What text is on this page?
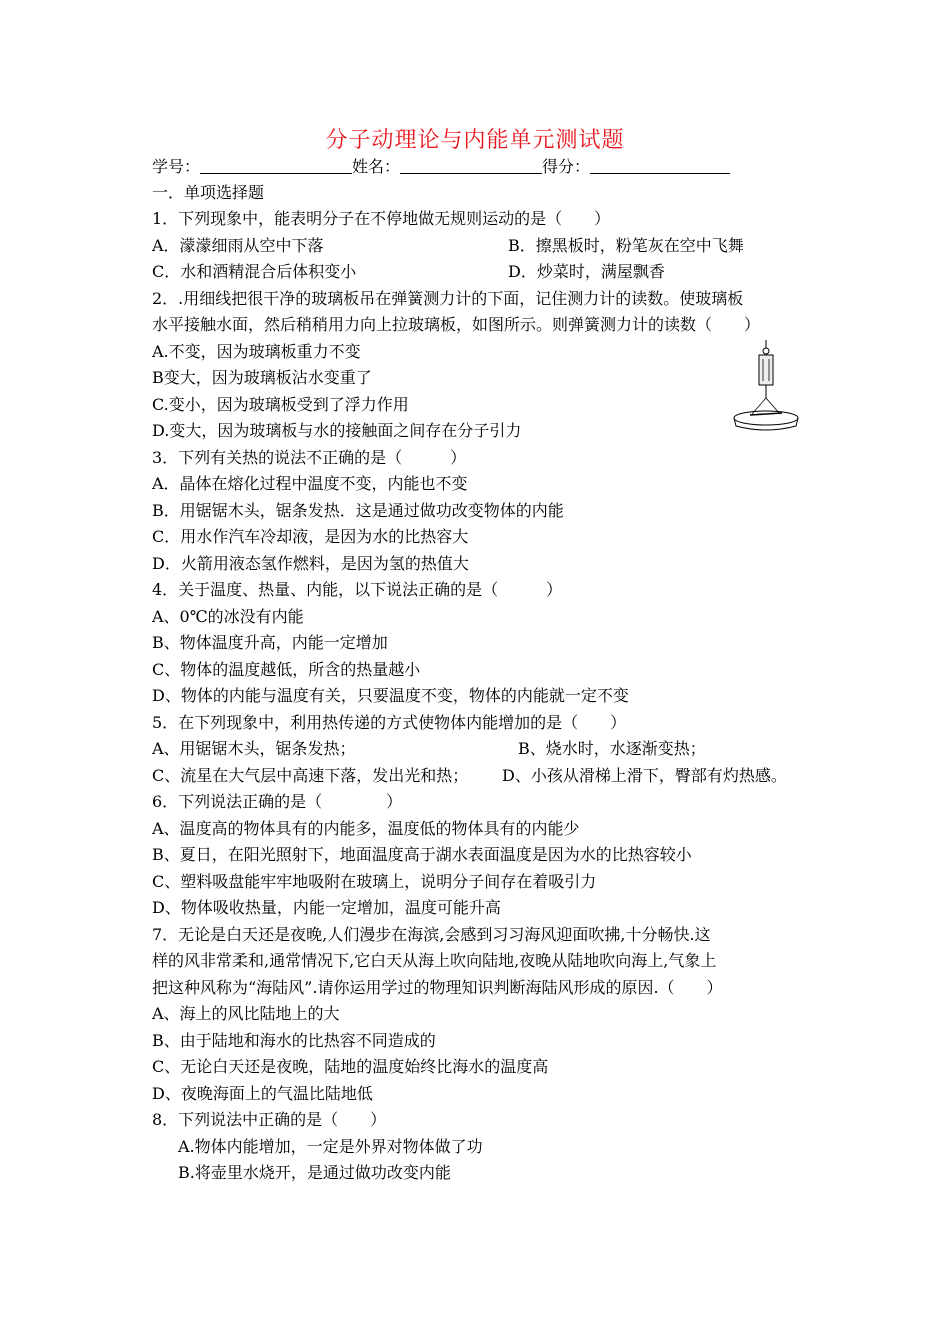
分子动理论与内能单元测试题
学号：	姓名：	得分：
一．单项选择题
1．下列现象中，能表明分子在不停地做无规则运动的是（　　）
A．濛濛细雨从空中下落	B．擦黑板时，粉笔灰在空中飞舞
C．水和酒精混合后体积变小	D．炒菜时，满屋飘香
2．.用细线把很干净的玻璃板吊在弹簧测力计的下面，记住测力计的读数。使玻璃板
水平接触水面，然后稍稍用力向上拉玻璃板，如图所示。则弹簧测力计的读数（　　）
A.不变，因为玻璃板重力不变
B变大，因为玻璃板沾水变重了
C.变小，因为玻璃板受到了浮力作用
D.变大，因为玻璃板与水的接触面之间存在分子引力
3．下列有关热的说法不正确的是（　　　）
A．晶体在熔化过程中温度不变，内能也不变
B．用锯锯木头，锯条发热．这是通过做功改变物体的内能
C．用水作汽车冷却液，是因为水的比热容大
D．火箭用液态氢作燃料，是因为氢的热值大
4．关于温度、热量、内能，以下说法正确的是（　　　）
A、0℃的冰没有内能
B、物体温度升高，内能一定增加
C、物体的温度越低，所含的热量越小
D、物体的内能与温度有关，只要温度不变，物体的内能就一定不变
5．在下列现象中，利用热传递的方式使物体内能增加的是（　　）
A、用锯锯木头，锯条发热；	B、烧水时，水逐渐变热；
C、流星在大气层中高速下落，发出光和热； D、小孩从滑梯上滑下，臀部有灼热感。
6．下列说法正确的是（　　　　）
A、温度高的物体具有的内能多，温度低的物体具有的内能少
B、夏日，在阳光照射下，地面温度高于湖水表面温度是因为水的比热容较小
C、塑料吸盘能牢牢地吸附在玻璃上，说明分子间存在着吸引力
D、物体吸收热量，内能一定增加，温度可能升高
7．无论是白天还是夜晚,人们漫步在海滨,会感到习习海风迎面吹拂,十分畅快.这
样的风非常柔和,通常情况下,它白天从海上吹向陆地,夜晚从陆地吹向海上,气象上
把这种风称为“海陆风”.请你运用学过的物理知识判断海陆风形成的原因.（　　）
A、海上的风比陆地上的大
B、由于陆地和海水的比热容不同造成的
C、无论白天还是夜晚，陆地的温度始终比海水的温度高
D、夜晚海面上的气温比陆地低
8．下列说法中正确的是（　　）
A.物体内能增加，一定是外界对物体做了功
B.将壶里水烧开，是通过做功改变内能
